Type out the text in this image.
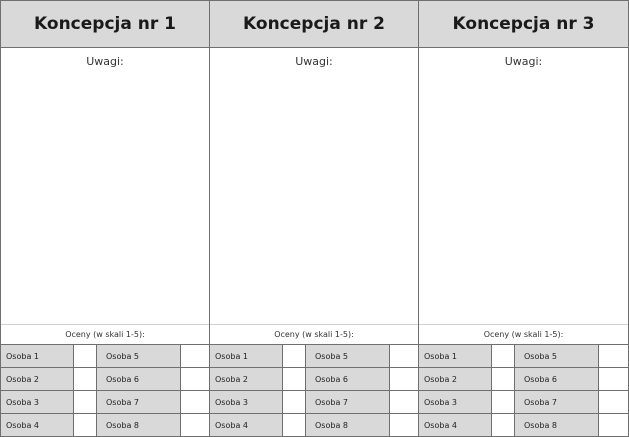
Koncepcja nr 1
Uwagi:
Oceny (w skali 1-5):
Osoba 1	Osoba 5
Osoba 2	Osoba 6
Osoba 3	Osoba 7
Osoba 4	Osoba 8
Koncepcja nr 2
Uwagi:
Oceny (w skali 1-5):
Osoba 1	Osoba 5
Osoba 2	Osoba 6
Osoba 3	Osoba 7
Osoba 4	Osoba 8
Koncepcja nr 3
Uwagi:
Oceny (w skali 1-5):
Osoba 1	Osoba 5
Osoba 2	Osoba 6
Osoba 3	Osoba 7
Osoba 4	Osoba 8
